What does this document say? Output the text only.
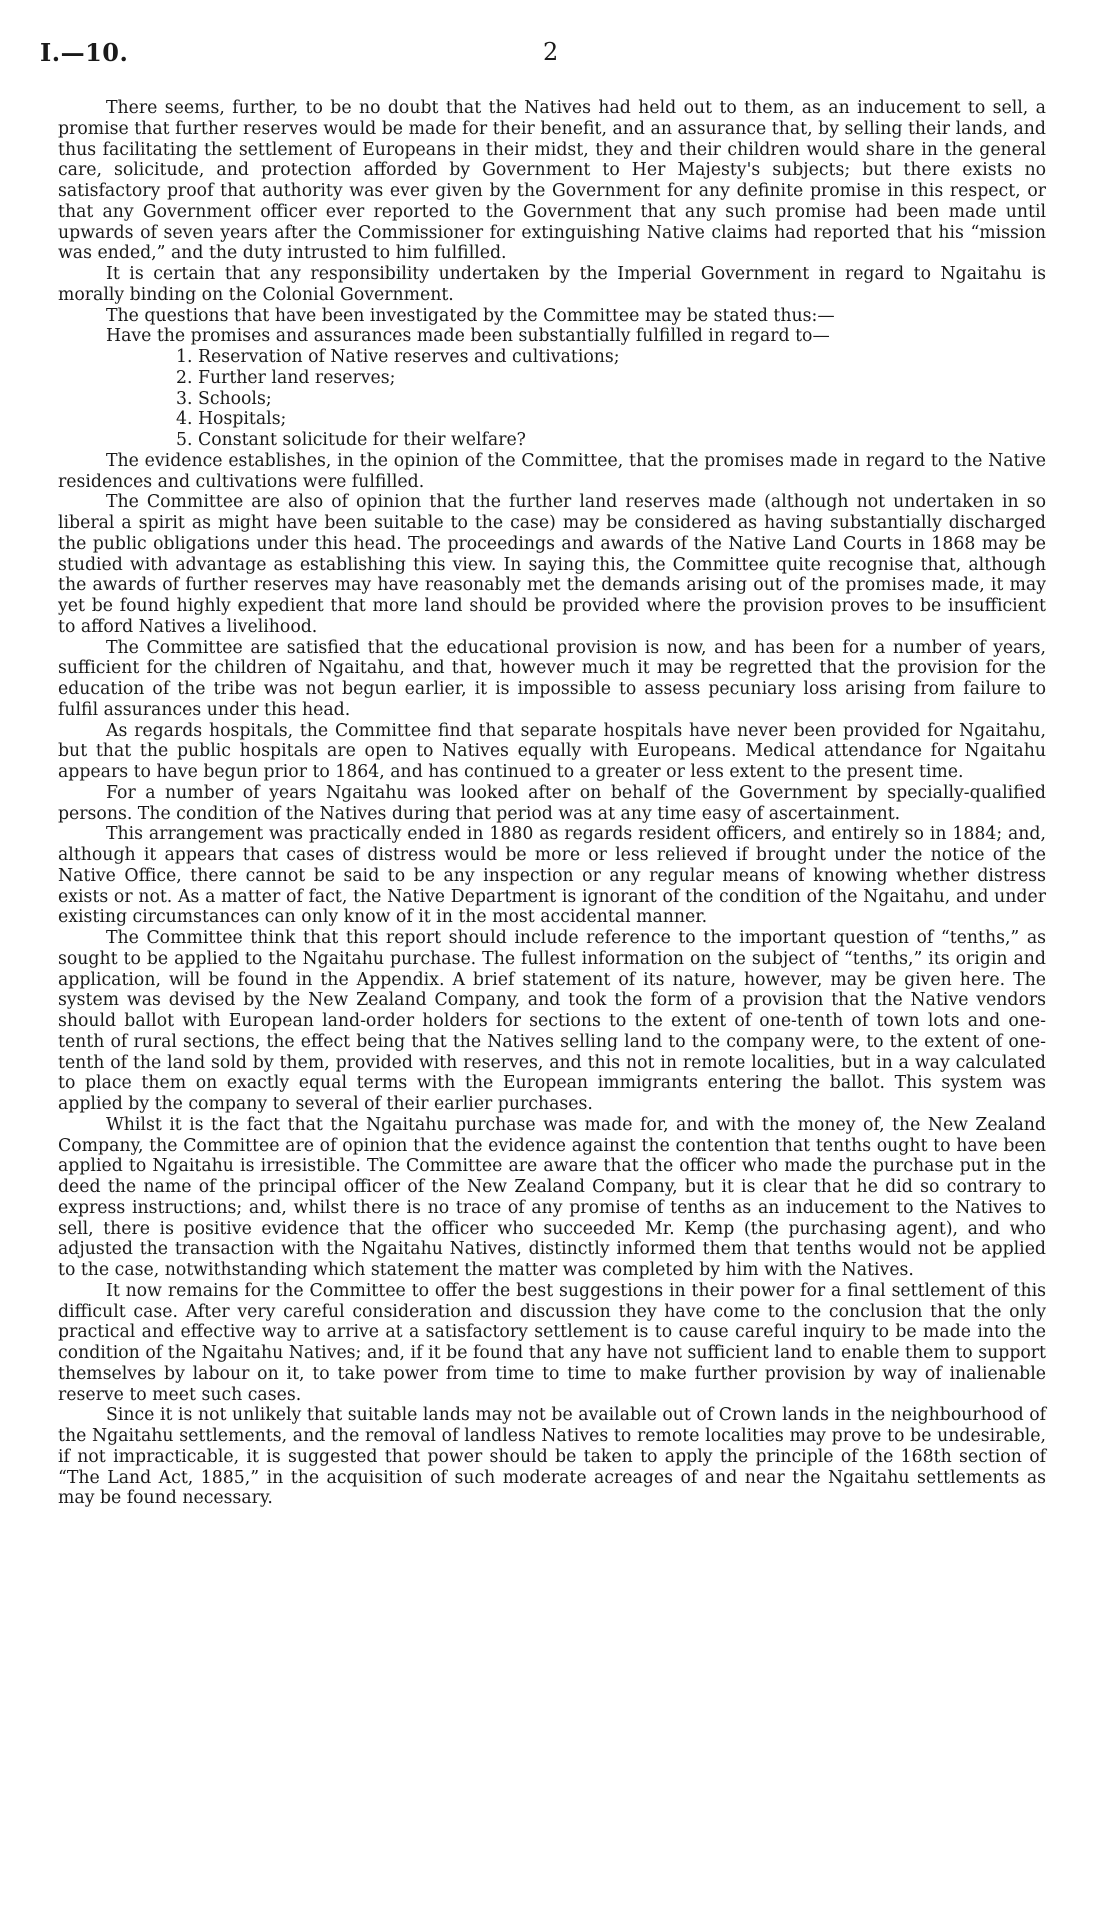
I.—10.	2

There seems, further, to be no doubt that the Natives had held out to them, as an inducement to sell, a promise that further reserves would be made for their benefit, and an assurance that, by selling their lands, and thus facilitating the settlement of Europeans in their midst, they and their children would share in the general care, solicitude, and protection afforded by Government to Her Majesty's subjects; but there exists no satisfactory proof that authority was ever given by the Government for any definite promise in this respect, or that any Government officer ever reported to the Government that any such promise had been made until upwards of seven years after the Commissioner for extinguishing Native claims had reported that his “mission was ended,” and the duty intrusted to him fulfilled.

It is certain that any responsibility undertaken by the Imperial Government in regard to Ngaitahu is morally binding on the Colonial Government.

The questions that have been investigated by the Committee may be stated thus:—

Have the promises and assurances made been substantially fulfilled in regard to—

1. Reservation of Native reserves and cultivations;
2. Further land reserves;
3. Schools;
4. Hospitals;
5. Constant solicitude for their welfare?

The evidence establishes, in the opinion of the Committee, that the promises made in regard to the Native residences and cultivations were fulfilled.

The Committee are also of opinion that the further land reserves made (although not undertaken in so liberal a spirit as might have been suitable to the case) may be considered as having substantially discharged the public obligations under this head. The proceedings and awards of the Native Land Courts in 1868 may be studied with advantage as establishing this view. In saying this, the Committee quite recognise that, although the awards of further reserves may have reasonably met the demands arising out of the promises made, it may yet be found highly expedient that more land should be provided where the provision proves to be insufficient to afford Natives a livelihood.

The Committee are satisfied that the educational provision is now, and has been for a number of years, sufficient for the children of Ngaitahu, and that, however much it may be regretted that the provision for the education of the tribe was not begun earlier, it is impossible to assess pecuniary loss arising from failure to fulfil assurances under this head.

As regards hospitals, the Committee find that separate hospitals have never been provided for Ngaitahu, but that the public hospitals are open to Natives equally with Europeans. Medical attendance for Ngaitahu appears to have begun prior to 1864, and has continued to a greater or less extent to the present time.

For a number of years Ngaitahu was looked after on behalf of the Government by specially-qualified persons. The condition of the Natives during that period was at any time easy of ascertainment.

This arrangement was practically ended in 1880 as regards resident officers, and entirely so in 1884; and, although it appears that cases of distress would be more or less relieved if brought under the notice of the Native Office, there cannot be said to be any inspection or any regular means of knowing whether distress exists or not. As a matter of fact, the Native Department is ignorant of the condition of the Ngaitahu, and under existing circumstances can only know of it in the most accidental manner.

The Committee think that this report should include reference to the important question of “tenths,” as sought to be applied to the Ngaitahu purchase. The fullest information on the subject of “tenths,” its origin and application, will be found in the Appendix. A brief statement of its nature, however, may be given here. The system was devised by the New Zealand Company, and took the form of a provision that the Native vendors should ballot with European land-order holders for sections to the extent of one-tenth of town lots and one-tenth of rural sections, the effect being that the Natives selling land to the company were, to the extent of one-tenth of the land sold by them, provided with reserves, and this not in remote localities, but in a way calculated to place them on exactly equal terms with the European immigrants entering the ballot. This system was applied by the company to several of their earlier purchases.

Whilst it is the fact that the Ngaitahu purchase was made for, and with the money of, the New Zealand Company, the Committee are of opinion that the evidence against the contention that tenths ought to have been applied to Ngaitahu is irresistible. The Committee are aware that the officer who made the purchase put in the deed the name of the principal officer of the New Zealand Company, but it is clear that he did so contrary to express instructions; and, whilst there is no trace of any promise of tenths as an inducement to the Natives to sell, there is positive evidence that the officer who succeeded Mr. Kemp (the purchasing agent), and who adjusted the transaction with the Ngaitahu Natives, distinctly informed them that tenths would not be applied to the case, notwithstanding which statement the matter was completed by him with the Natives.

It now remains for the Committee to offer the best suggestions in their power for a final settlement of this difficult case. After very careful consideration and discussion they have come to the conclusion that the only practical and effective way to arrive at a satisfactory settlement is to cause careful inquiry to be made into the condition of the Ngaitahu Natives; and, if it be found that any have not sufficient land to enable them to support themselves by labour on it, to take power from time to time to make further provision by way of inalienable reserve to meet such cases.

Since it is not unlikely that suitable lands may not be available out of Crown lands in the neighbourhood of the Ngaitahu settlements, and the removal of landless Natives to remote localities may prove to be undesirable, if not impracticable, it is suggested that power should be taken to apply the principle of the 168th section of “The Land Act, 1885,” in the acquisition of such moderate acreages of and near the Ngaitahu settlements as may be found necessary.
